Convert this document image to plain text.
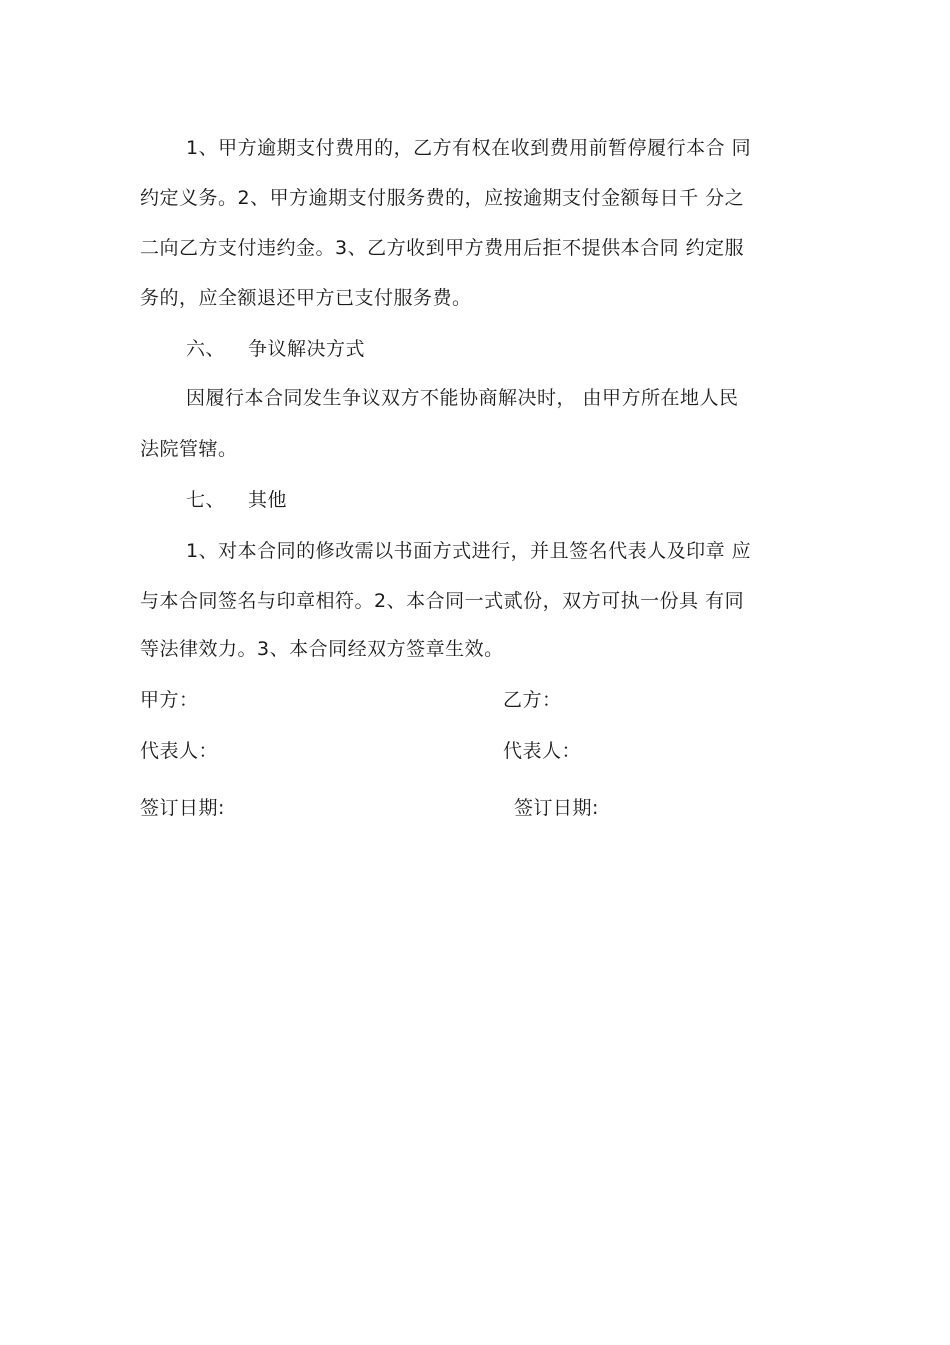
1、甲方逾期支付费用的，乙方有权在收到费用前暂停履行本合 同
约定义务。2、甲方逾期支付服务费的，应按逾期支付金额每日千 分之
二向乙方支付违约金。3、乙方收到甲方费用后拒不提供本合同 约定服
务的，应全额退还甲方已支付服务费。
六、 争议解决方式
因履行本合同发生争议双方不能协商解决时， 由甲方所在地人民
法院管辖。
七、 其他
1、对本合同的修改需以书面方式进行，并且签名代表人及印章 应
与本合同签名与印章相符。2、本合同一式贰份，双方可执一份具 有同
等法律效力。3、本合同经双方签章生效。
甲方：	乙方：
代表人：	代表人：
签订日期:	签订日期:
